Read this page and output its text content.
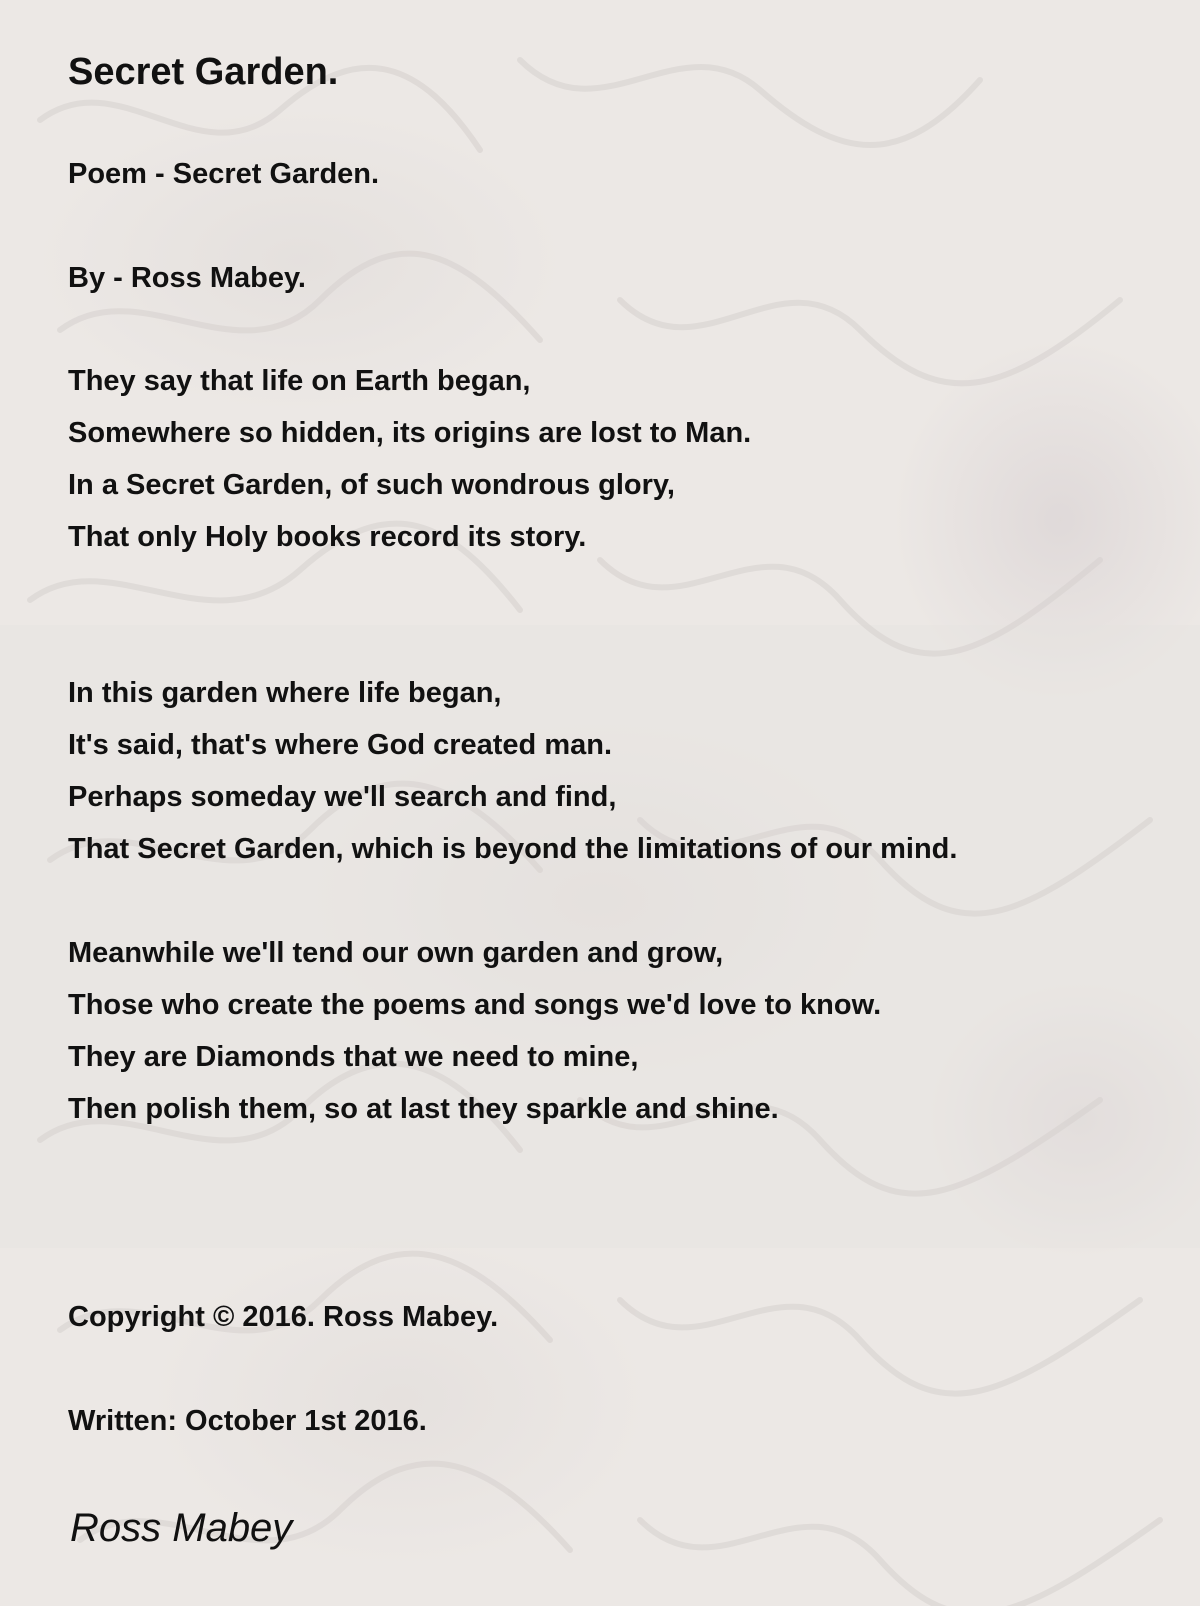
Secret Garden.

Poem - Secret Garden.

By - Ross Mabey.

They say that life on Earth began,

Somewhere so hidden, its origins are lost to Man.

In a Secret Garden, of such wondrous glory,

That only Holy books record its story.

In this garden where life began,

It's said, that's where God created man.

Perhaps someday we'll search and find,

That Secret Garden, which is beyond the limitations of our mind.

Meanwhile we'll tend our own garden and grow,

Those who create the poems and songs we'd love to know.

They are Diamonds that we need to mine,

Then polish them, so at last they sparkle and shine.

Copyright © 2016. Ross Mabey.

Written: October 1st 2016.

Ross Mabey
